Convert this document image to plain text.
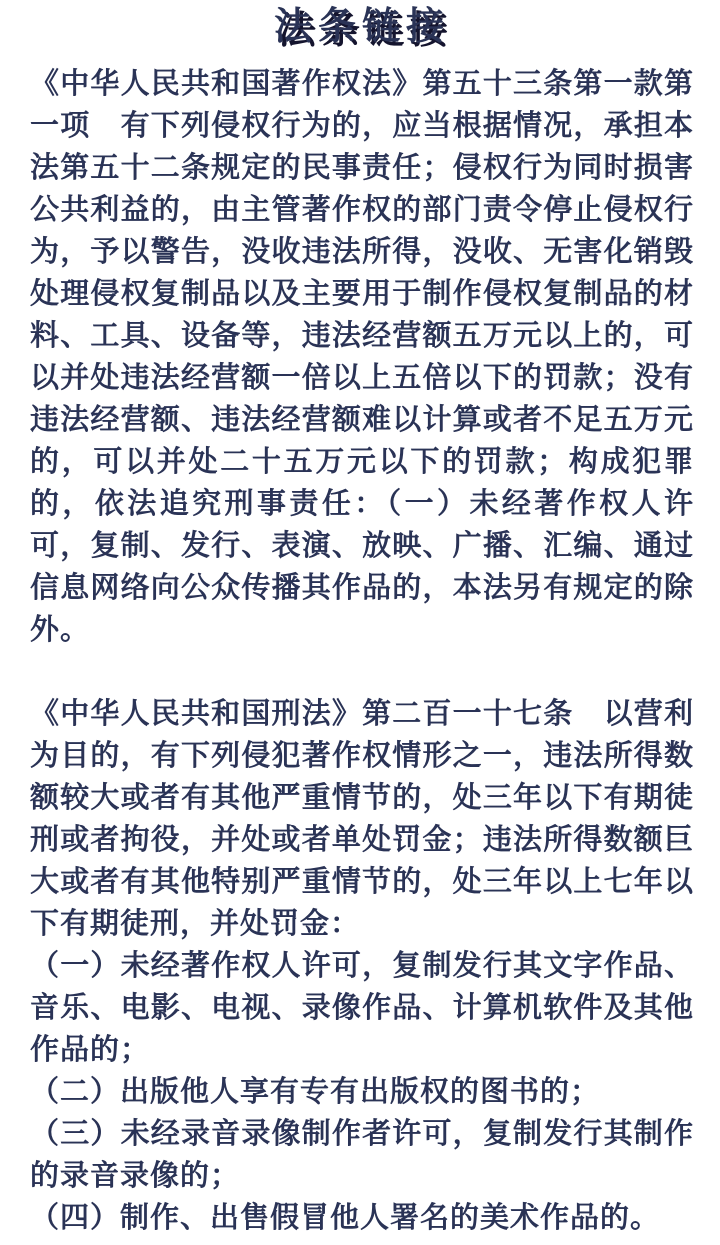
法条链接

《中华人民共和国著作权法》第五十三条第一款第一项　有下列侵权行为的，应当根据情况，承担本法第五十二条规定的民事责任；侵权行为同时损害公共利益的，由主管著作权的部门责令停止侵权行为，予以警告，没收违法所得，没收、无害化销毁处理侵权复制品以及主要用于制作侵权复制品的材料、工具、设备等，违法经营额五万元以上的，可以并处违法经营额一倍以上五倍以下的罚款；没有违法经营额、违法经营额难以计算或者不足五万元的，可以并处二十五万元以下的罚款；构成犯罪的，依法追究刑事责任：（一）未经著作权人许可，复制、发行、表演、放映、广播、汇编、通过信息网络向公众传播其作品的，本法另有规定的除外。

《中华人民共和国刑法》第二百一十七条　以营利为目的，有下列侵犯著作权情形之一，违法所得数额较大或者有其他严重情节的，处三年以下有期徒刑或者拘役，并处或者单处罚金；违法所得数额巨大或者有其他特别严重情节的，处三年以上七年以下有期徒刑，并处罚金：

（一）未经著作权人许可，复制发行其文字作品、音乐、电影、电视、录像作品、计算机软件及其他作品的；

（二）出版他人享有专有出版权的图书的；

（三）未经录音录像制作者许可，复制发行其制作的录音录像的；

（四）制作、出售假冒他人署名的美术作品的。
